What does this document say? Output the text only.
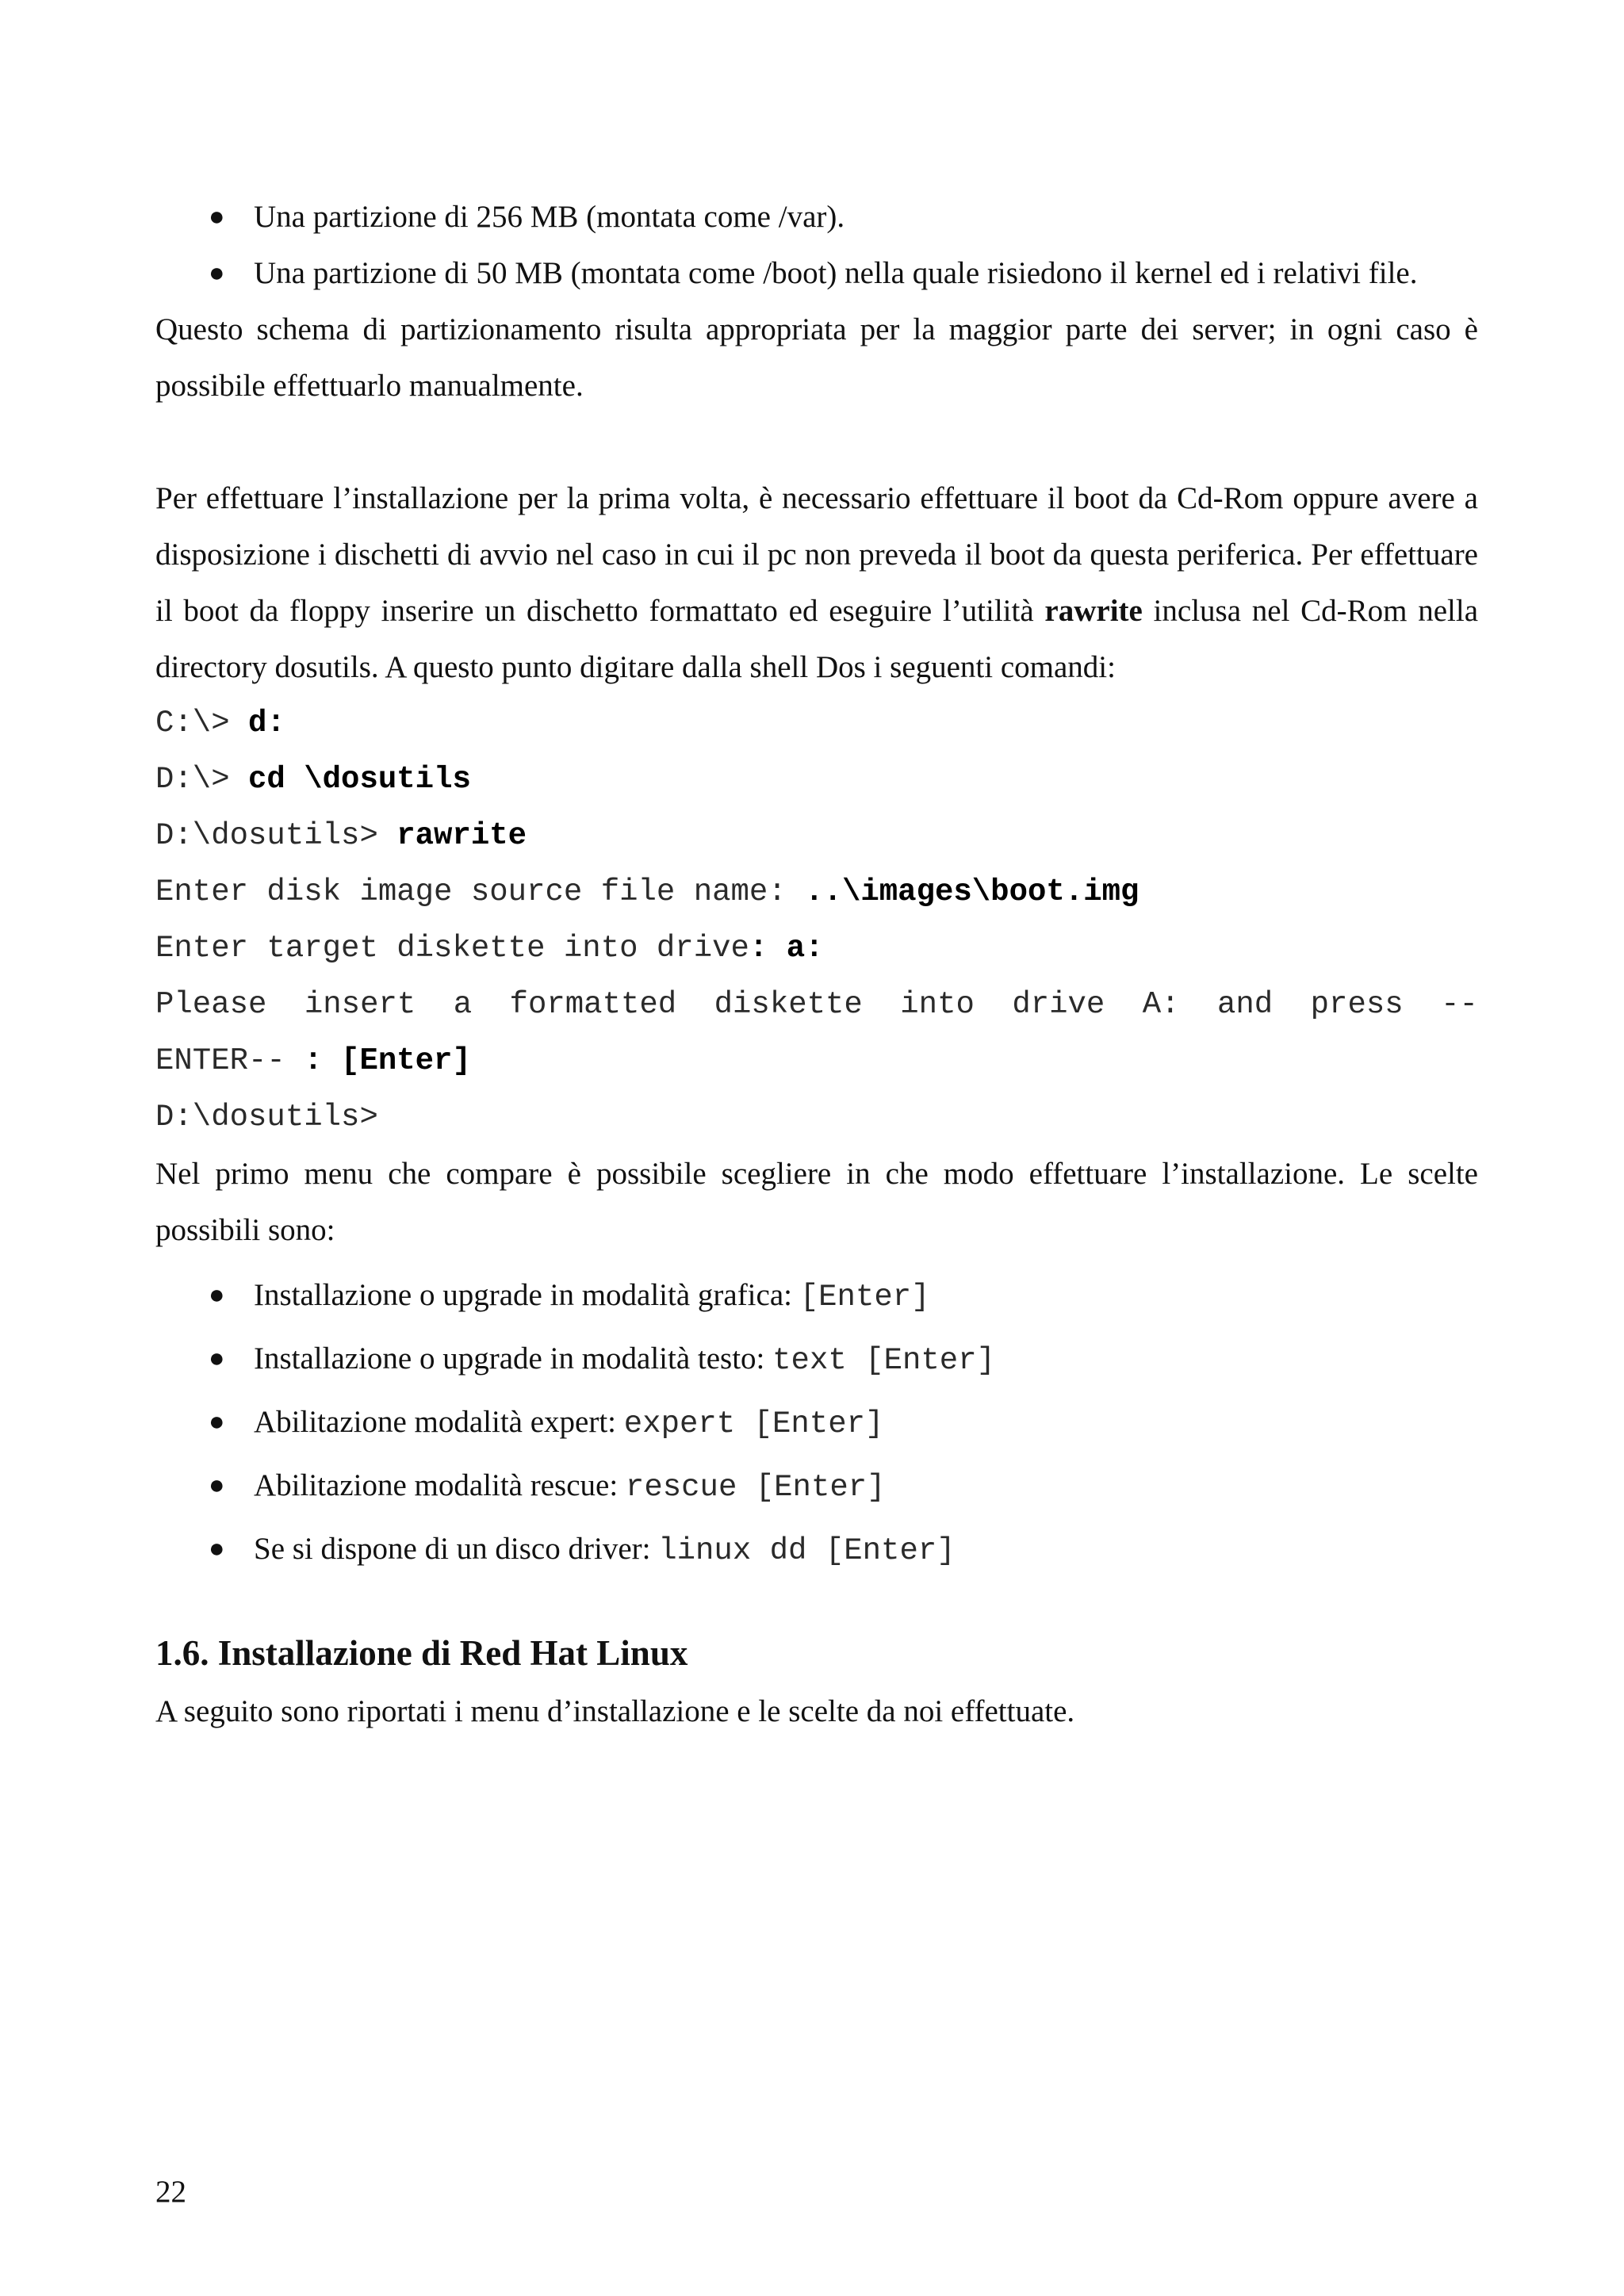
● Una partizione di 256 MB (montata come /var).
● Una partizione di 50 MB (montata come /boot) nella quale risiedono il kernel ed i relativi file.

Questo schema di partizionamento risulta appropriata per la maggior parte dei server; in ogni caso è possibile effettuarlo manualmente.

Per effettuare l’installazione per la prima volta, è necessario effettuare il boot da Cd-Rom oppure avere a disposizione i dischetti di avvio nel caso in cui il pc non preveda il boot da questa periferica. Per effettuare il boot da floppy inserire un dischetto formattato ed eseguire l’utilità rawrite inclusa nel Cd-Rom nella directory dosutils. A questo punto digitare dalla shell Dos i seguenti comandi:

C:\> d:

D:\> cd \dosutils

D:\dosutils> rawrite

Enter disk image source file name: ..\images\boot.img

Enter target diskette into drive: a:

Please insert a formatted diskette into drive A: and press --

ENTER-- : [Enter]

D:\dosutils>

Nel primo menu che compare è possibile scegliere in che modo effettuare l’installazione. Le scelte possibili sono:

● Installazione o upgrade in modalità grafica: [Enter]
● Installazione o upgrade in modalità testo: text [Enter]
● Abilitazione modalità expert: expert [Enter]
● Abilitazione modalità rescue: rescue [Enter]
● Se si dispone di un disco driver: linux dd [Enter]
1.6. Installazione di Red Hat Linux

A seguito sono riportati i menu d’installazione e le scelte da noi effettuate.

22
